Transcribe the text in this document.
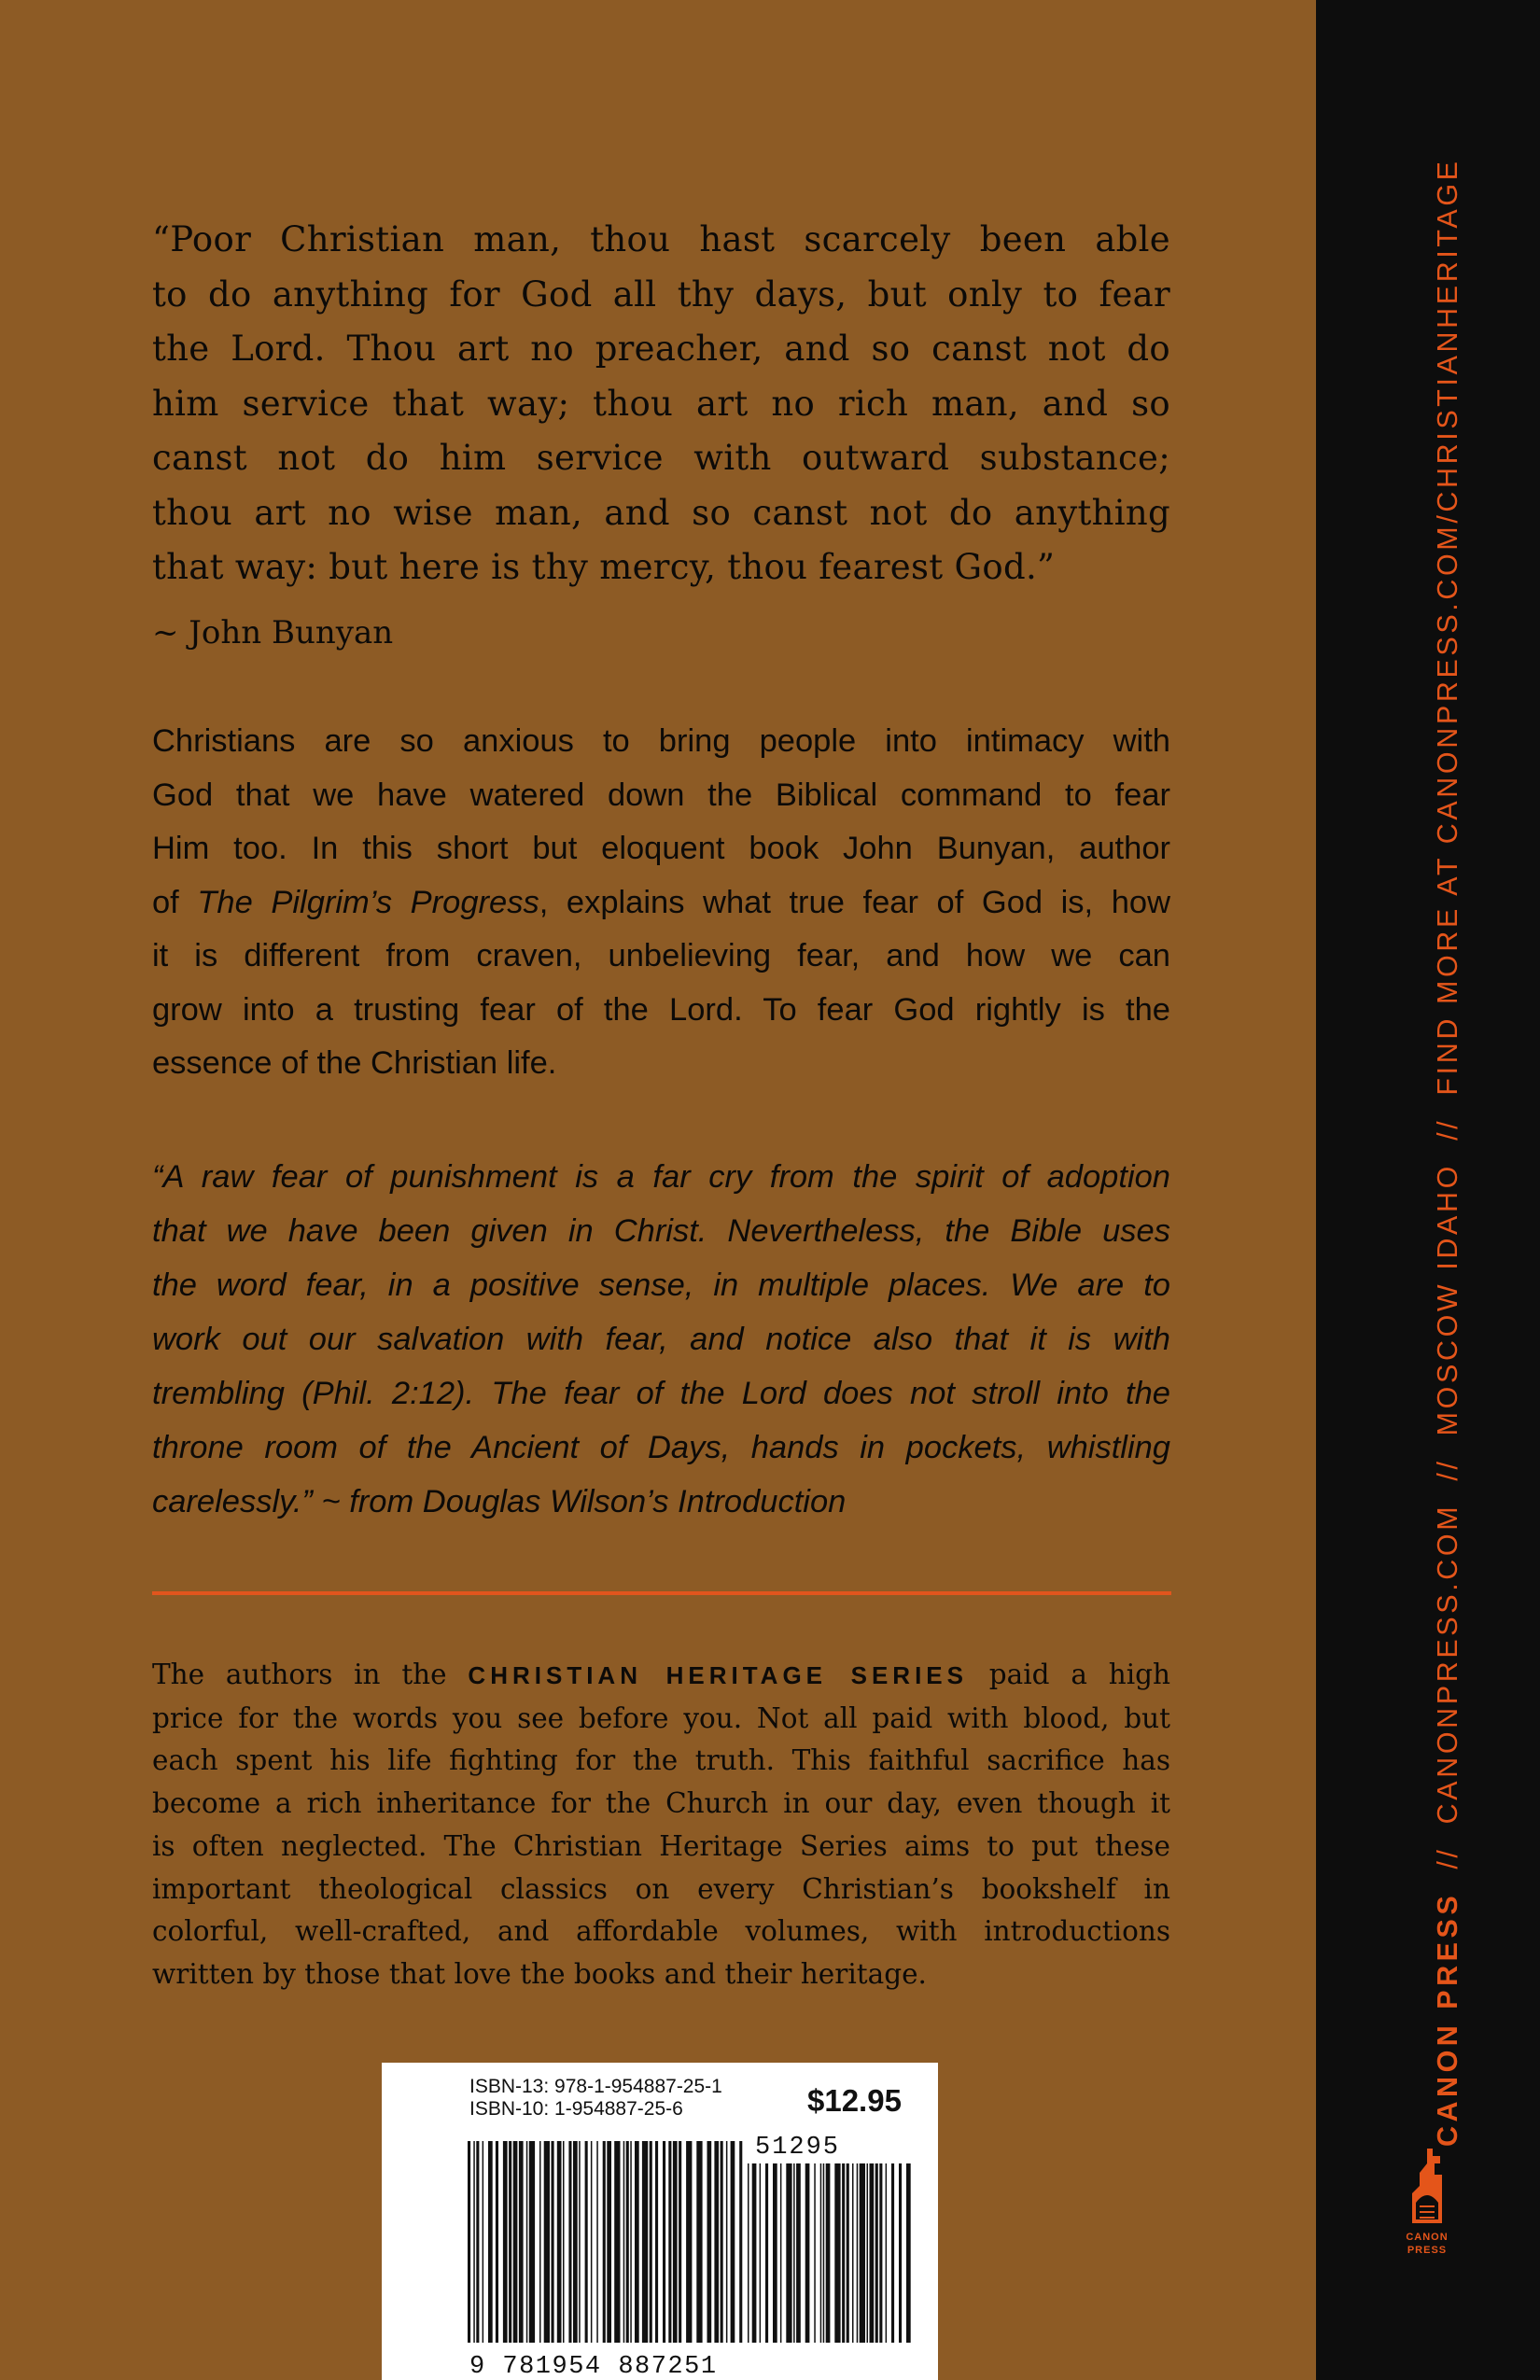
“Poor Christian man, thou hast scarcely been able

to do anything for God all thy days, but only to fear

the Lord. Thou art no preacher, and so canst not do

him service that way; thou art no rich man, and so

canst not do him service with outward substance;

thou art no wise man, and so canst not do anything

that way: but here is thy mercy, thou fearest God.”

~ John Bunyan
Christians are so anxious to bring people into intimacy with
God that we have watered down the Biblical command to fear
Him too. In this short but eloquent book John Bunyan, author
of The Pilgrim’s Progress, explains what true fear of God is, how
it is different from craven, unbelieving fear, and how we can
grow into a trusting fear of the Lord. To fear God rightly is the
essence of the Christian life.
“A raw fear of punishment is a far cry from the spirit of adoption
that we have been given in Christ. Nevertheless, the Bible uses
the word fear, in a positive sense, in multiple places. We are to
work out our salvation with fear, and notice also that it is with
trembling (Phil. 2:12). The fear of the Lord does not stroll into the
throne room of the Ancient of Days, hands in pockets, whistling
carelessly.” ~ from Douglas Wilson’s Introduction
The authors in the CHRISTIAN HERITAGE SERIES paid a high
price for the words you see before you. Not all paid with blood, but
each spent his life fighting for the truth. This faithful sacrifice has
become a rich inheritance for the Church in our day, even though it
is often neglected. The Christian Heritage Series aims to put these
important theological classics on every Christian’s bookshelf in
colorful, well-crafted, and affordable volumes, with introductions
written by those that love the books and their heritage.
ISBN-13: 978-1-954887-25-1
ISBN-10: 1-954887-25-6	$12.95
9 781954 887251
51295
CANON
PRESS
CANON PRESS  //  CANONPRESS.COM  //  MOSCOW IDAHO  //  FIND MORE AT CANONPRESS.COM/CHRISTIANHERITAGE
